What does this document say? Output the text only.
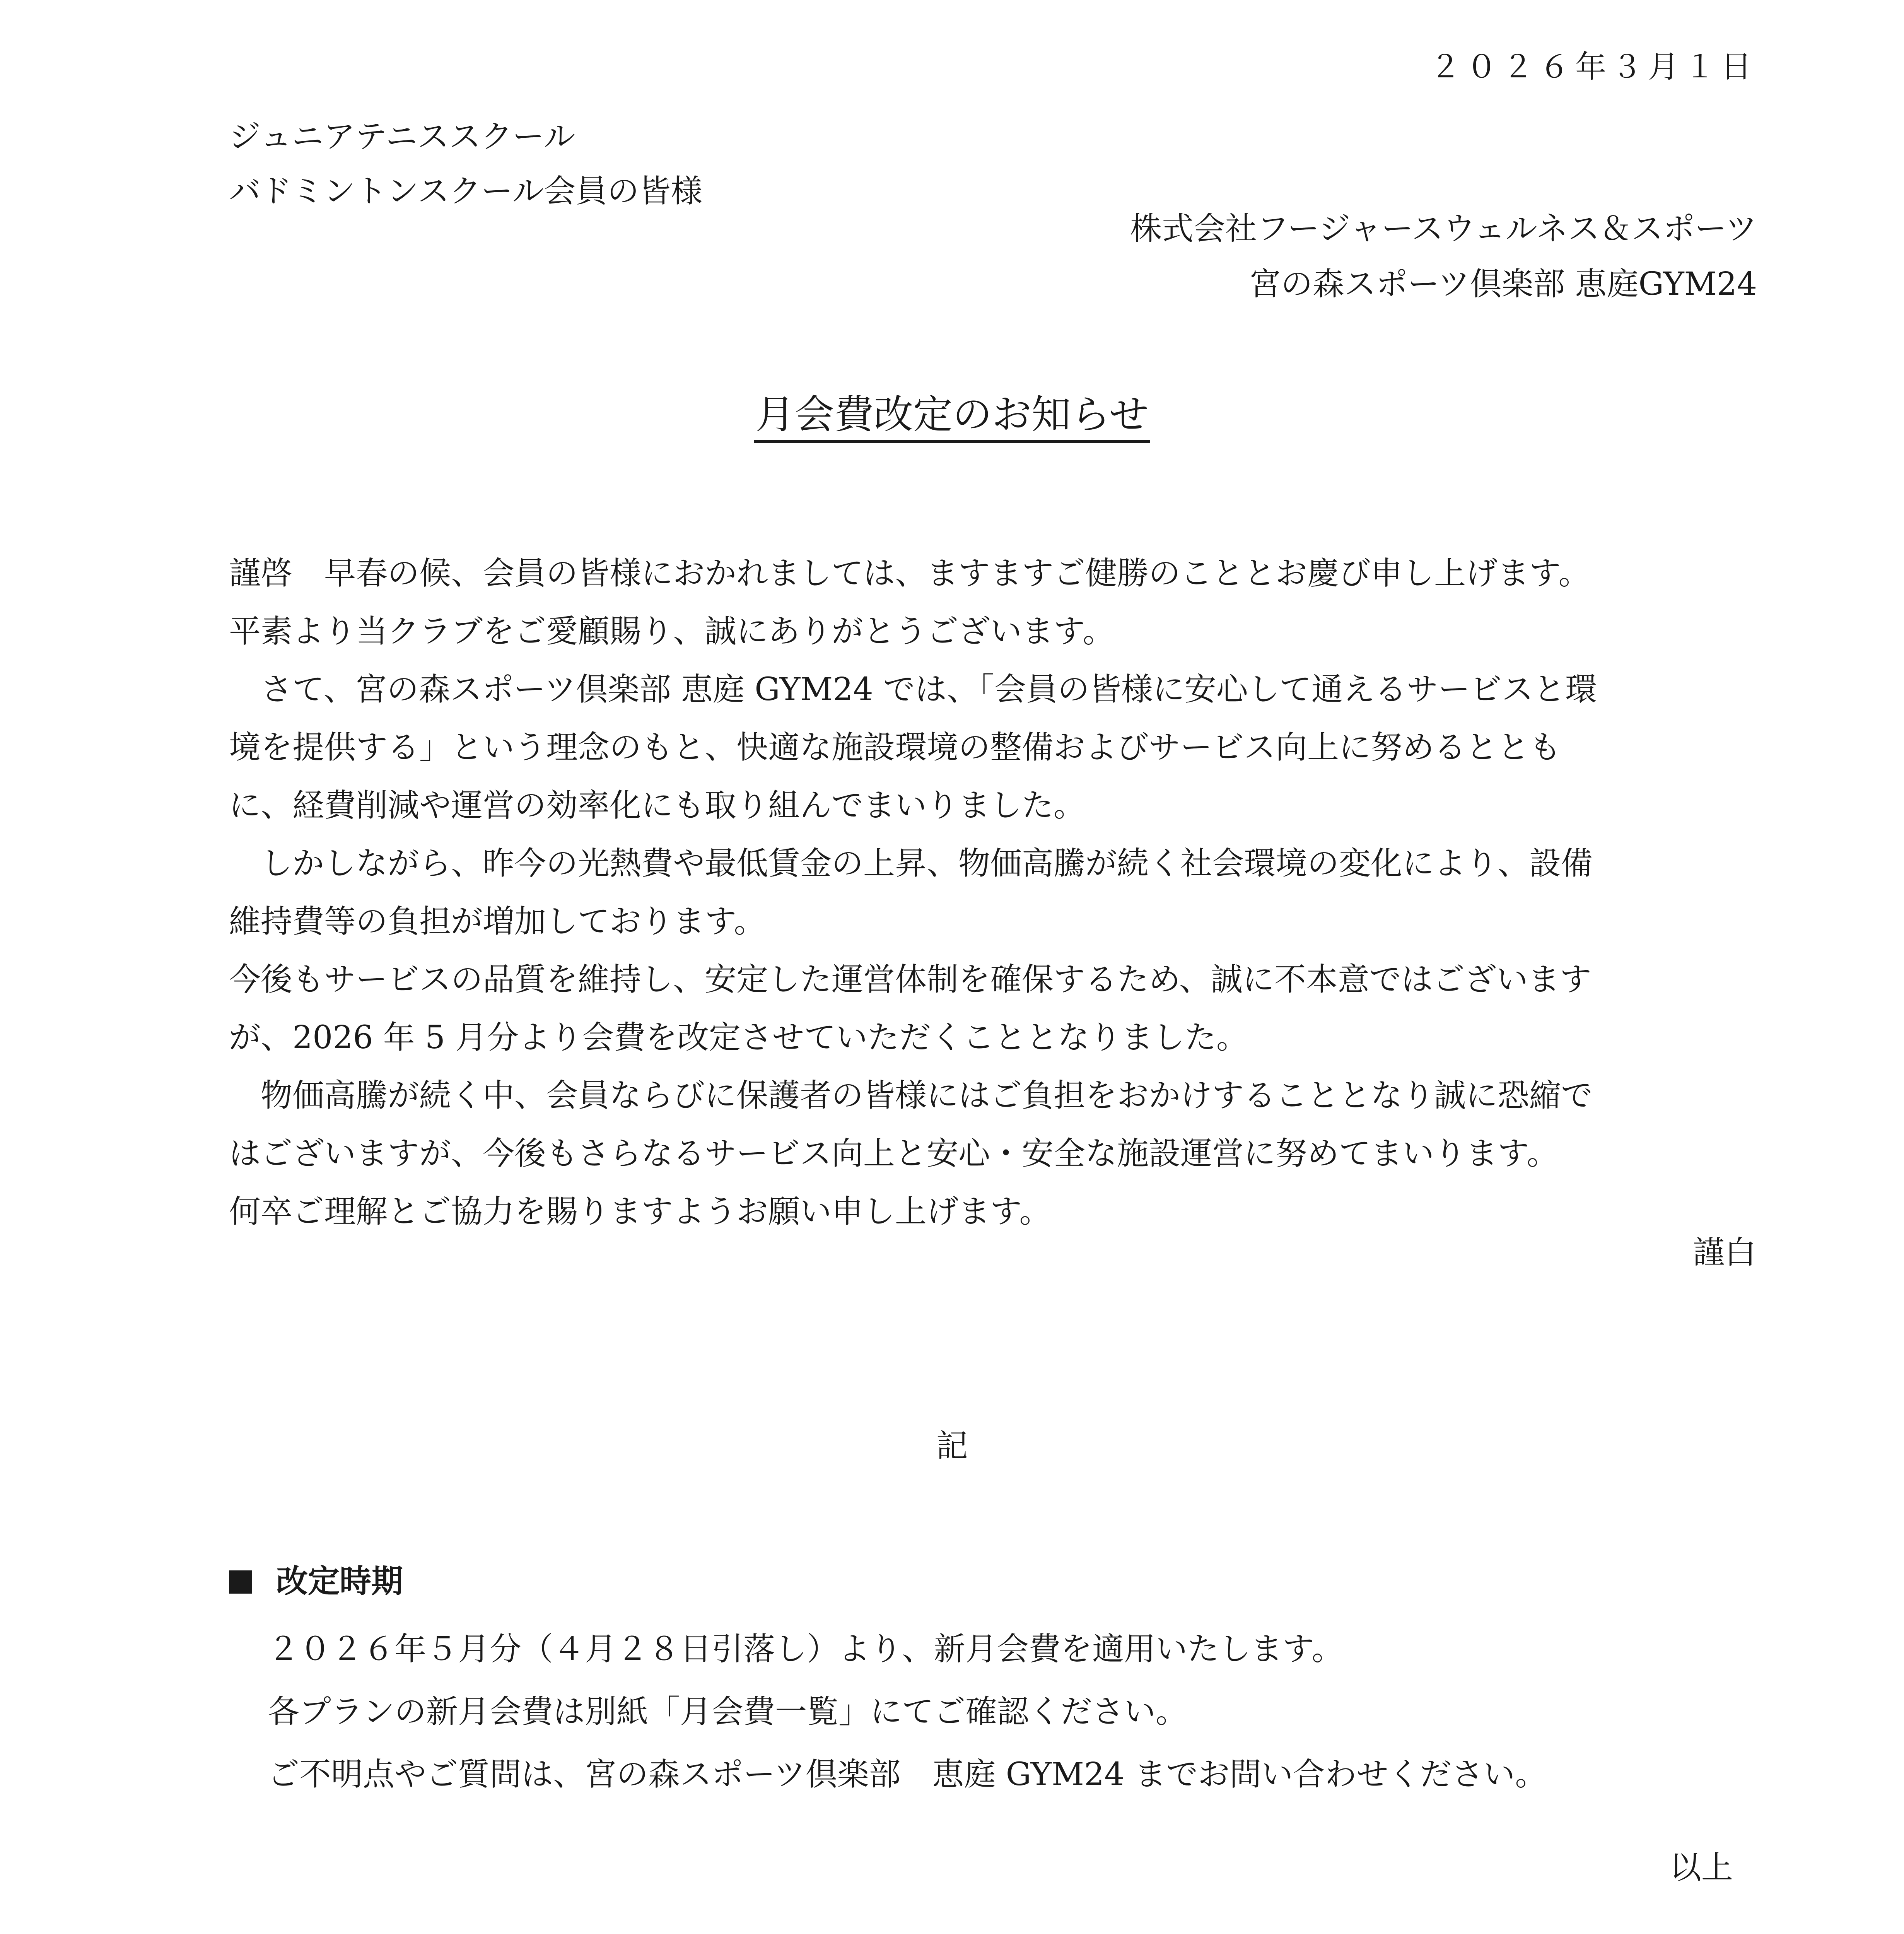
２０２６年３月１日

ジュニアテニススクール
バドミントンスクール会員の皆様
株式会社フージャースウェルネス＆スポーツ
宮の森スポーツ倶楽部 恵庭GYM24
月会費改定のお知らせ
謹啓　早春の候、会員の皆様におかれましては、ますますご健勝のこととお慶び申し上げます。
平素より当クラブをご愛顧賜り、誠にありがとうございます。
　さて、宮の森スポーツ倶楽部 恵庭 GYM24 では、「会員の皆様に安心して通えるサービスと環
境を提供する」という理念のもと、快適な施設環境の整備およびサービス向上に努めるととも
に、経費削減や運営の効率化にも取り組んでまいりました。
　しかしながら、昨今の光熱費や最低賃金の上昇、物価高騰が続く社会環境の変化により、設備
維持費等の負担が増加しております。
今後もサービスの品質を維持し、安定した運営体制を確保するため、誠に不本意ではございます
が、2026 年 5 月分より会費を改定させていただくこととなりました。
　物価高騰が続く中、会員ならびに保護者の皆様にはご負担をおかけすることとなり誠に恐縮で
はございますが、今後もさらなるサービス向上と安心・安全な施設運営に努めてまいります。
何卒ご理解とご協力を賜りますようお願い申し上げます。

謹白

記

改定時期
２０２６年５月分（４月２８日引落し）より、新月会費を適用いたします。
各プランの新月会費は別紙「月会費一覧」にてご確認ください。
ご不明点やご質問は、宮の森スポーツ倶楽部　恵庭 GYM24 までお問い合わせください。

以上
